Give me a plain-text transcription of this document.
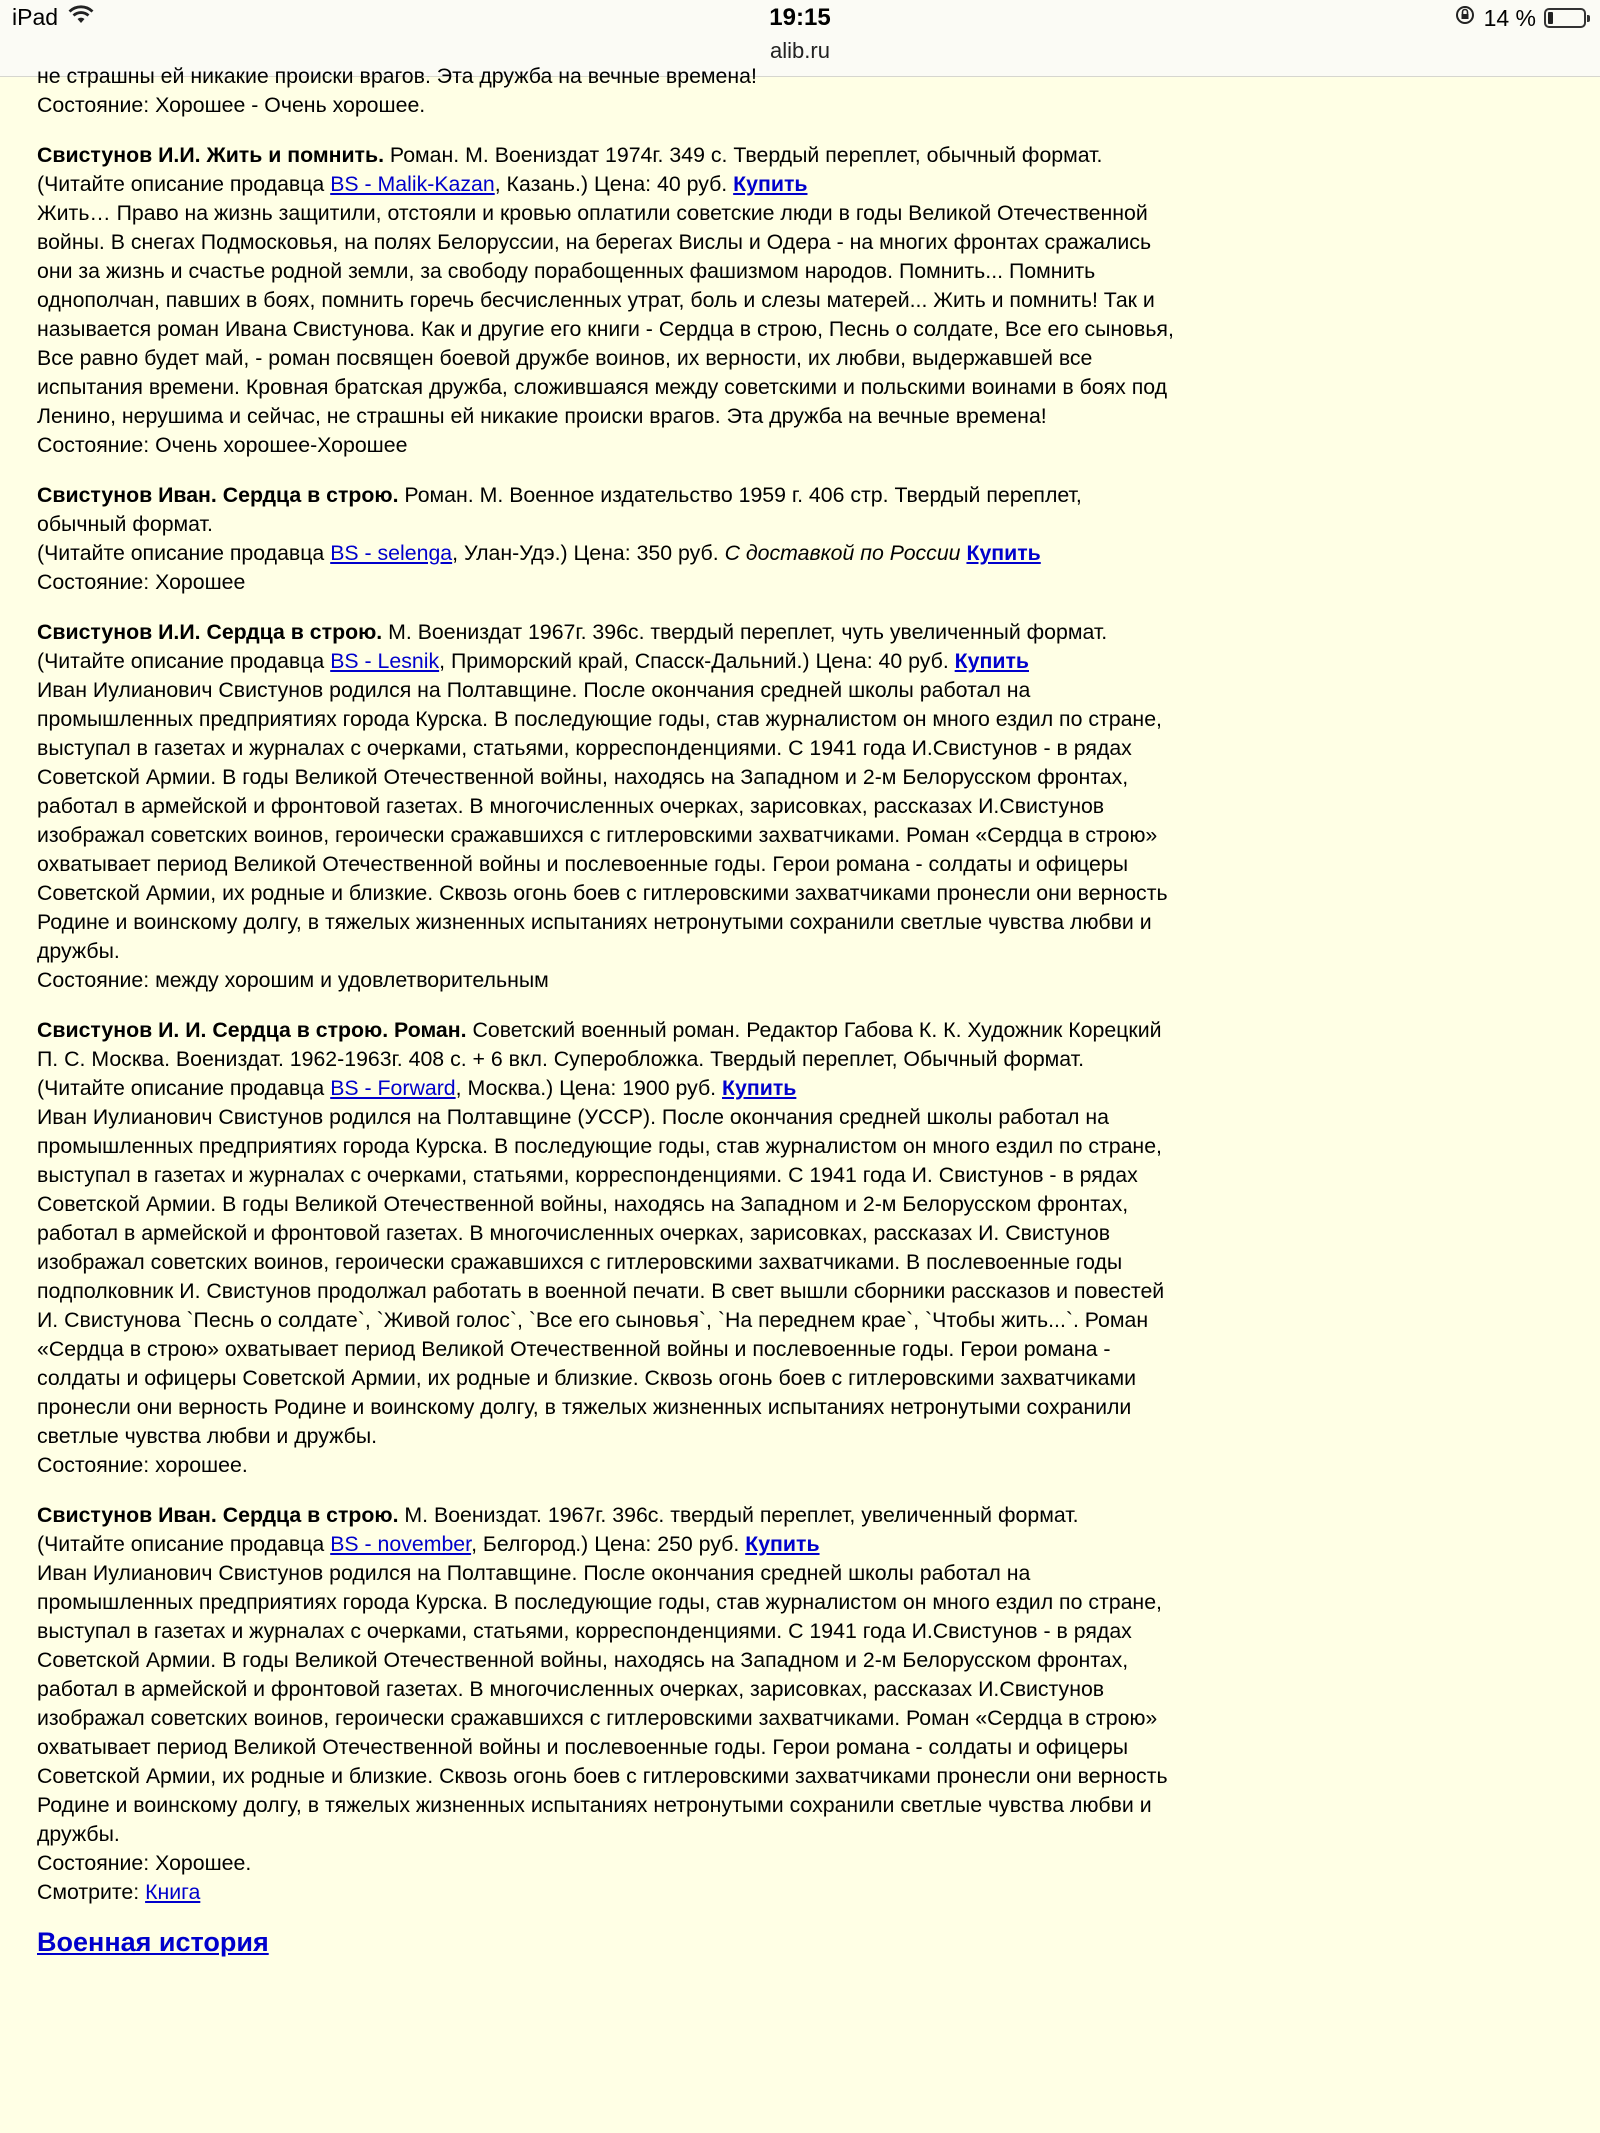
iPad	19:15
alib.ru
14 %

не страшны ей никакие происки врагов. Эта дружба на вечные времена!
Состояние: Хорошее - Очень хорошее.

Свистунов И.И. Жить и помнить. Роман. М. Воениздат 1974г. 349 с. Твердый переплет, обычный формат.
(Читайте описание продавца BS - Malik-Kazan, Казань.) Цена: 40 руб. Купить
Жить… Право на жизнь защитили, отстояли и кровью оплатили советские люди в годы Великой Отечественной войны. В снегах Подмосковья, на полях Белоруссии, на берегах Вислы и Одера - на многих фронтах сражались они за жизнь и счастье родной земли, за свободу порабощенных фашизмом народов. Помнить... Помнить однополчан, павших в боях, помнить горечь бесчисленных утрат, боль и слезы матерей... Жить и помнить! Так и называется роман Ивана Свистунова. Как и другие его книги - Сердца в строю, Песнь о солдате, Все его сыновья, Все равно будет май, - роман посвящен боевой дружбе воинов, их верности, их любви, выдержавшей все испытания времени. Кровная братская дружба, сложившаяся между советскими и польскими воинами в боях под Ленино, нерушима и сейчас, не страшны ей никакие происки врагов. Эта дружба на вечные времена!
Состояние: Очень хорошее-Хорошее

Свистунов Иван. Сердца в строю. Роман. М. Военное издательство 1959 г. 406 стр. Твердый переплет, обычный формат.
(Читайте описание продавца BS - selenga, Улан-Удэ.) Цена: 350 руб. С доставкой по России Купить
Состояние: Хорошее

Свистунов И.И. Сердца в строю. М. Воениздат 1967г. 396с. твердый переплет, чуть увеличенный формат.
(Читайте описание продавца BS - Lesnik, Приморский край, Спасск-Дальний.) Цена: 40 руб. Купить
Иван Иулианович Свистунов родился на Полтавщине. После окончания средней школы работал на промышленных предприятиях города Курска. В последующие годы, став журналистом он много ездил по стране, выступал в газетах и журналах с очерками, статьями, корреспонденциями. С 1941 года И.Свистунов - в рядах Советской Армии. В годы Великой Отечественной войны, находясь на Западном и 2-м Белорусском фронтах, работал в армейской и фронтовой газетах. В многочисленных очерках, зарисовках, рассказах И.Свистунов изображал советских воинов, героически сражавшихся с гитлеровскими захватчиками. Роман «Сердца в строю» охватывает период Великой Отечественной войны и послевоенные годы. Герои романа - солдаты и офицеры Советской Армии, их родные и близкие. Сквозь огонь боев с гитлеровскими захватчиками пронесли они верность Родине и воинскому долгу, в тяжелых жизненных испытаниях нетронутыми сохранили светлые чувства любви и дружбы.
Состояние: между хорошим и удовлетворительным

Свистунов И. И. Сердца в строю. Роман. Советский военный роман. Редактор Габова К. К. Художник Корецкий П. С. Москва. Воениздат. 1962-1963г. 408 с. + 6 вкл. Суперобложка. Твердый переплет, Обычный формат.
(Читайте описание продавца BS - Forward, Москва.) Цена: 1900 руб. Купить
Иван Иулианович Свистунов родился на Полтавщине (УССР). После окончания средней школы работал на промышленных предприятиях города Курска. В последующие годы, став журналистом он много ездил по стране, выступал в газетах и журналах с очерками, статьями, корреспонденциями. С 1941 года И. Свистунов - в рядах Советской Армии. В годы Великой Отечественной войны, находясь на Западном и 2-м Белорусском фронтах, работал в армейской и фронтовой газетах. В многочисленных очерках, зарисовках, рассказах И. Свистунов изображал советских воинов, героически сражавшихся с гитлеровскими захватчиками. В послевоенные годы подполковник И. Свистунов продолжал работать в военной печати. В свет вышли сборники рассказов и повестей И. Свистунова `Песнь о солдате`, `Живой голос`, `Все его сыновья`, `На переднем крае`, `Чтобы жить...`. Роман «Сердца в строю» охватывает период Великой Отечественной войны и послевоенные годы. Герои романа - солдаты и офицеры Советской Армии, их родные и близкие. Сквозь огонь боев с гитлеровскими захватчиками пронесли они верность Родине и воинскому долгу, в тяжелых жизненных испытаниях нетронутыми сохранили светлые чувства любви и дружбы.
Состояние: хорошее.

Свистунов Иван. Сердца в строю. М. Воениздат. 1967г. 396с. твердый переплет, увеличенный формат.
(Читайте описание продавца BS - november, Белгород.) Цена: 250 руб. Купить
Иван Иулианович Свистунов родился на Полтавщине. После окончания средней школы работал на промышленных предприятиях города Курска. В последующие годы, став журналистом он много ездил по стране, выступал в газетах и журналах с очерками, статьями, корреспонденциями. С 1941 года И.Свистунов - в рядах Советской Армии. В годы Великой Отечественной войны, находясь на Западном и 2-м Белорусском фронтах, работал в армейской и фронтовой газетах. В многочисленных очерках, зарисовках, рассказах И.Свистунов изображал советских воинов, героически сражавшихся с гитлеровскими захватчиками. Роман «Сердца в строю» охватывает период Великой Отечественной войны и послевоенные годы. Герои романа - солдаты и офицеры Советской Армии, их родные и близкие. Сквозь огонь боев с гитлеровскими захватчиками пронесли они верность Родине и воинскому долгу, в тяжелых жизненных испытаниях нетронутыми сохранили светлые чувства любви и дружбы.
Состояние: Хорошее.
Смотрите: Книга

Военная история
